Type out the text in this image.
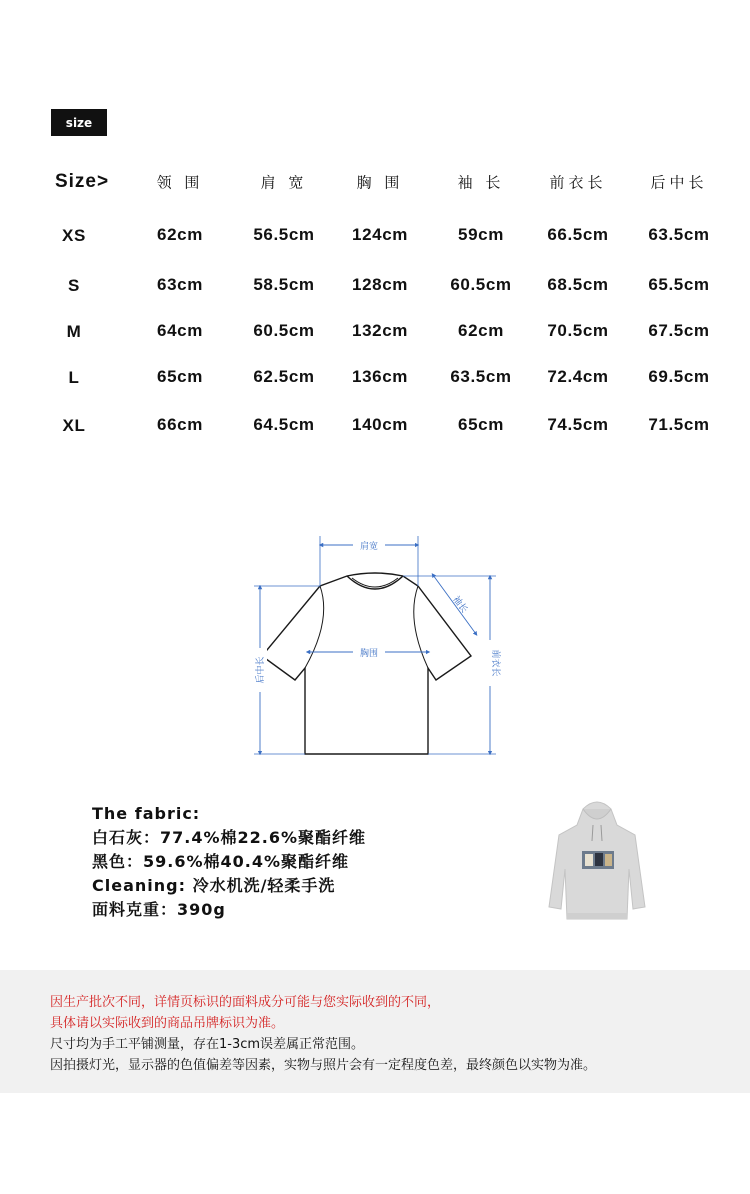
size
Size>	领 围	肩 宽	胸 围	袖 长	前衣长	后中长
XS	62cm	56.5cm 124cm	59cm	66.5cm 63.5cm
S	63cm	58.5cm 128cm 60.5cm 68.5cm 65.5cm
M	64cm	60.5cm 132cm	62cm	70.5cm 67.5cm
L	65cm	62.5cm 136cm 63.5cm 72.4cm 69.5cm
XL	66cm	64.5cm 140cm	65cm	74.5cm 71.5cm
肩宽
胸围
袖长
后中长	前衣长
The fabric:
白石灰：77.4%棉22.6%聚酯纤维
黑色：59.6%棉40.4%聚酯纤维
Cleaning: 冷水机洗/轻柔手洗
面料克重：390g
因生产批次不同，详情页标识的面料成分可能与您实际收到的不同，
具体请以实际收到的商品吊牌标识为准。
尺寸均为手工平铺测量，存在1-3cm误差属正常范围。
因拍摄灯光，显示器的色值偏差等因素，实物与照片会有一定程度色差，最终颜色以实物为准。
